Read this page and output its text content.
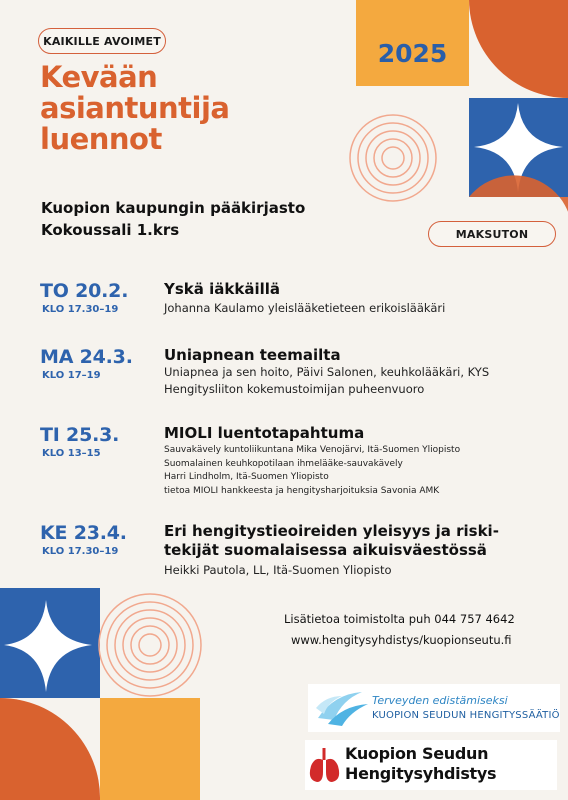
2025
KAIKILLE AVOIMET
MAKSUTON
Kevään
asiantuntija
luennot
Kuopion kaupungin pääkirjasto
Kokoussali 1.krs
TO 20.2.
KLO 17.30–19
Yskä iäkkäillä
Johanna Kaulamo yleislääketieteen erikoislääkäri
MA 24.3.
KLO 17–19
Uniapnean teemailta
Uniapnea ja sen hoito, Päivi Salonen, keuhkolääkäri, KYS
Hengitysliiton kokemustoimijan puheenvuoro
TI 25.3.
KLO 13–15
MIOLI luentotapahtuma
Sauvakävely kuntoliikuntana Mika Venojärvi, Itä-Suomen Yliopisto
Suomalainen keuhkopotilaan ihmelääke-sauvakävely
Harri Lindholm, Itä-Suomen Yliopisto
tietoa MIOLI hankkeesta ja hengitysharjoituksia Savonia AMK
KE 23.4.
KLO 17.30–19
Eri hengitystieoireiden yleisyys ja riski-
tekijät suomalaisessa aikuisväestössä
Heikki Pautola, LL, Itä-Suomen Yliopisto
Lisätietoa toimistolta puh 044 757 4642
www.hengitysyhdistys/kuopionseutu.fi
Terveyden edistämiseksi
KUOPION SEUDUN HENGITYSSÄÄTIÖ
Kuopion Seudun
Hengitysyhdistys
